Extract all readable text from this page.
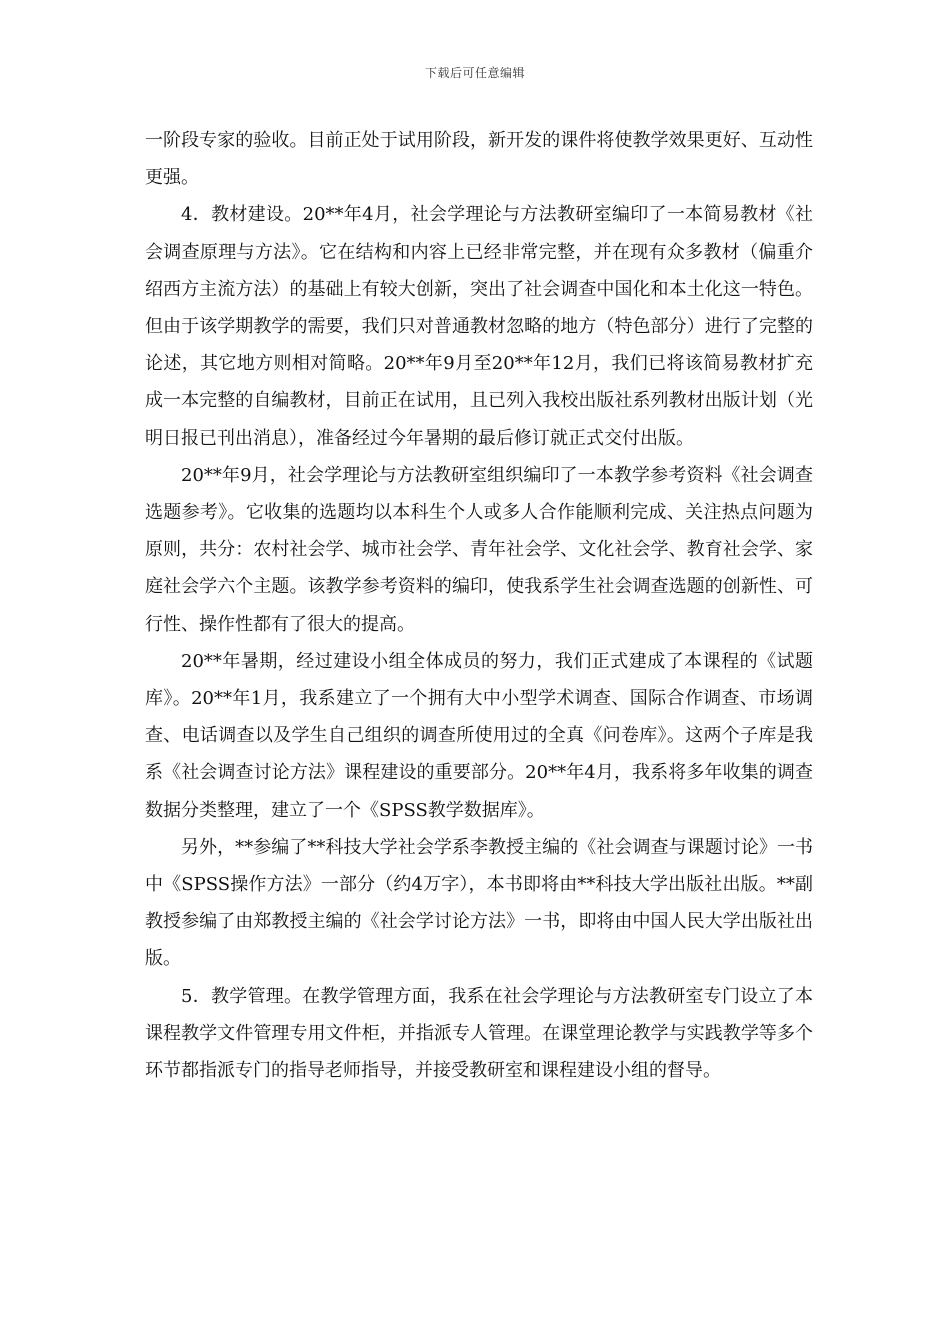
下载后可任意编辑

一阶段专家的验收。目前正处于试用阶段，新开发的课件将使教学效果更好、互动性更强。

4．教材建设。20**年4月，社会学理论与方法教研室编印了一本简易教材《社会调查原理与方法》。它在结构和内容上已经非常完整，并在现有众多教材（偏重介绍西方主流方法）的基础上有较大创新，突出了社会调查中国化和本土化这一特色。但由于该学期教学的需要，我们只对普通教材忽略的地方（特色部分）进行了完整的论述，其它地方则相对简略。20**年9月至20**年12月，我们已将该简易教材扩充成一本完整的自编教材，目前正在试用，且已列入我校出版社系列教材出版计划（光明日报已刊出消息），准备经过今年暑期的最后修订就正式交付出版。

20**年9月，社会学理论与方法教研室组织编印了一本教学参考资料《社会调查选题参考》。它收集的选题均以本科生个人或多人合作能顺利完成、关注热点问题为原则，共分：农村社会学、城市社会学、青年社会学、文化社会学、教育社会学、家庭社会学六个主题。该教学参考资料的编印，使我系学生社会调查选题的创新性、可行性、操作性都有了很大的提高。

20**年暑期，经过建设小组全体成员的努力，我们正式建成了本课程的《试题库》。20**年1月，我系建立了一个拥有大中小型学术调查、国际合作调查、市场调查、电话调查以及学生自己组织的调查所使用过的全真《问卷库》。这两个子库是我系《社会调查讨论方法》课程建设的重要部分。20**年4月，我系将多年收集的调查数据分类整理，建立了一个《SPSS教学数据库》。

另外，**参编了**科技大学社会学系李教授主编的《社会调查与课题讨论》一书中《SPSS操作方法》一部分（约4万字），本书即将由**科技大学出版社出版。**副教授参编了由郑教授主编的《社会学讨论方法》一书，即将由中国人民大学出版社出版。

5．教学管理。在教学管理方面，我系在社会学理论与方法教研室专门设立了本课程教学文件管理专用文件柜，并指派专人管理。在课堂理论教学与实践教学等多个环节都指派专门的指导老师指导，并接受教研室和课程建设小组的督导。
